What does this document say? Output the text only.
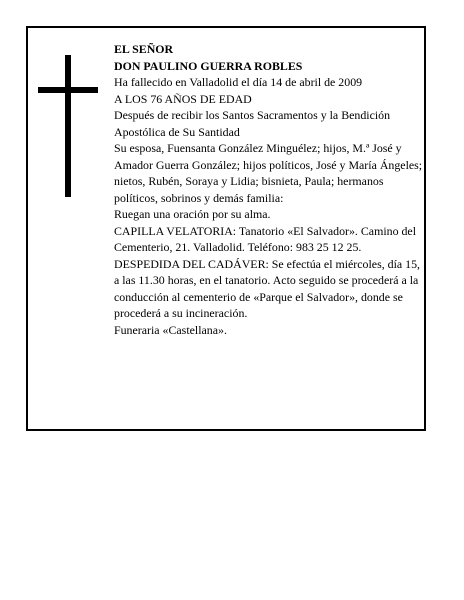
EL SEÑOR

DON PAULINO GUERRA ROBLES

Ha fallecido en Valladolid el día 14 de abril de 2009

A LOS 76 AÑOS DE EDAD

Después de recibir los Santos Sacramentos y la Bendición Apostólica de Su Santidad

Su esposa, Fuensanta González Minguélez; hijos, M.ª José y Amador Guerra González; hijos políticos, José y María Ángeles; nietos, Rubén, Soraya y Lidia; bisnieta, Paula; hermanos políticos, sobrinos y demás familia:

Ruegan una oración por su alma.

CAPILLA VELATORIA: Tanatorio «El Salvador». Camino del Cementerio, 21. Valladolid. Teléfono: 983 25 12 25.

DESPEDIDA DEL CADÁVER: Se efectúa el miércoles, día 15, a las 11.30 horas, en el tanatorio. Acto seguido se procederá a la conducción al cementerio de «Parque el Salvador», donde se procederá a su incineración.

Funeraria «Castellana».
